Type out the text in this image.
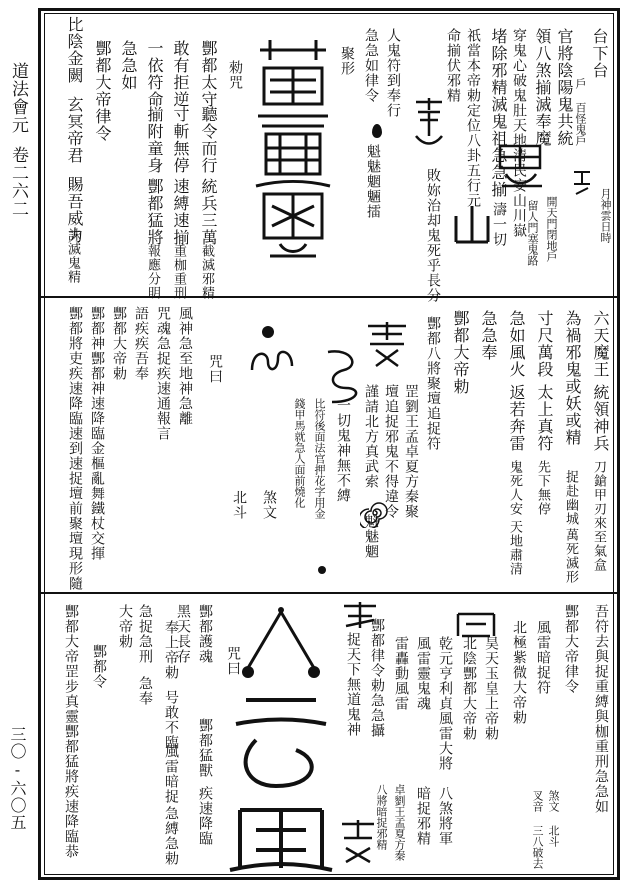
道法會元
卷二六二
三〇-六〇五
台下台
戶 百怪鬼戶
官將陰陽鬼共統
領八煞揃滅奉魔
穿鬼心破鬼肚天地清民安山川嶽
堵除邪精滅鬼祖急急揃
月神雲日時
開天門閉地戶
留人門塞鬼路
濤一切
祇當本帝勅定位八卦五行元
命揃伏邪精
敗妳治却鬼死乎長分
人鬼符到奉行
急急如律令
魁魅魍魎擂
聚形
勑咒
酆都太守
聽令而行
統兵三萬
截滅邪精
敢有拒逆
寸斬無停
速縛速揃
重枷重刑
一依符命
揃附童身
酆都猛將
報應分明
急急如
酆都大帝律令
比陰金闕
玄冥帝君
賜吾威力
誅滅鬼精
六天魔王
統領神兵
刀鎗甲刃
來至氣盒
為禍邪鬼或妖或精
捉赴幽城
萬死滅形
寸尺萬段
太上真符
先下無停
急如風火
返若奔雷
鬼死人安
天地肅清
急急奉
酆都大帝勅
酆都八將聚壇追捉符
罡劉王孟卓夏方秦聚
壇追捉邪鬼不得違令
謹請北方真武索
魁魅魍
一切鬼神無不縛
比符後面法官押花字用金
錢甲馬就急人面前燒化
煞文
北斗
咒曰
風神急至地神急離
咒魂急捉疾速通報言
語疾疾吾奉
酆都大帝勅
酆都神酆都神速降臨金樞亂舞鐵杖交揮
酆都將吏疾速降臨速到速捉壇前聚壇現形隨
吾符去與捉重縛與枷重刑急急如
酆都大帝律令
風雷暗捉符
北極紫微大帝勅
煞文 北斗
叉音 三八破去
昊天玉皇上帝勅
北陰酆都大帝勅
乾元亨利貞風雷大將
風雷靈鬼魂
雷轟動風雷
八煞將軍
暗捉邪精
酆都律令勅急急攝
捉天下無道鬼神
卓劉王孟夏方秦
八將暗捉邪精
咒曰
酆都護魂
黑天長存
酆都猛獸
疾速降臨
奉上帝勅
号敢不臨
風雷暗捉
急縛急勅
急捉急刑
急奉
大帝勅
酆都令
酆都大帝罡步真靈酆都猛將疾速降臨恭
